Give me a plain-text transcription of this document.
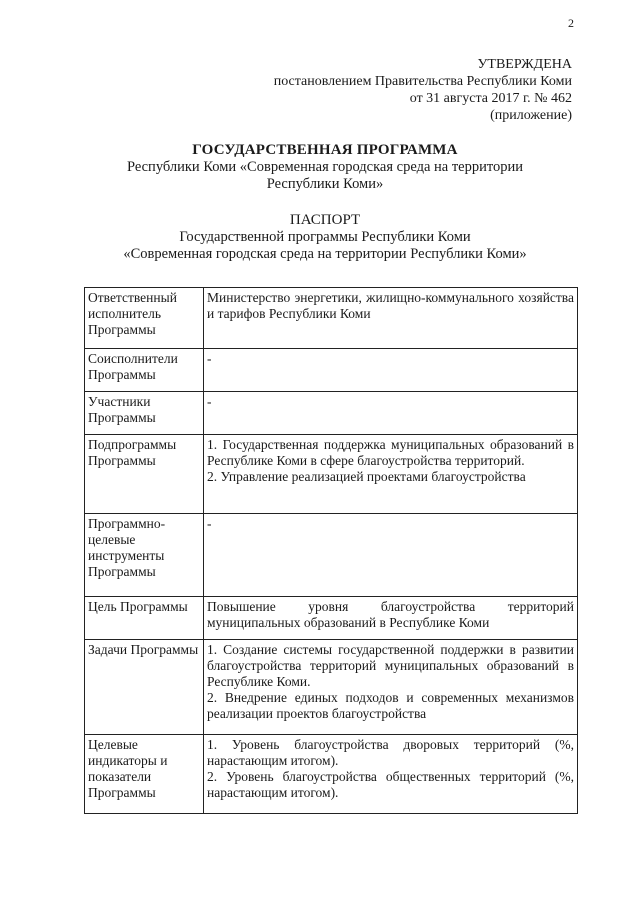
2
УТВЕРЖДЕНА
постановлением Правительства Республики Коми
от 31 августа 2017 г. № 462
(приложение)
ГОСУДАРСТВЕННАЯ ПРОГРАММА
Республики Коми «Современная городская среда на территории
Республики Коми»
ПАСПОРТ
Государственной программы Республики Коми
«Современная городская среда на территории Республики Коми»
Ответственный исполнитель Программы	Министерство энергетики, жилищно-коммунального хозяйства и тарифов Республики Коми

Соисполнители Программы	-

Участники Программы	-

Подпрограммы Программы	1. Государственная поддержка муниципальных образований в Республике Коми в сфере благоустройства территорий.
2. Управление реализацией проектами благоустройства

Программно-целевые инструменты Программы	-

Цель Программы	Повышение уровня благоустройства территорий муниципальных образований в Республике Коми

Задачи Программы	1. Создание системы государственной поддержки в развитии благоустройства территорий муниципальных образований в Республике Коми.
2. Внедрение единых подходов и современных механизмов реализации проектов благоустройства

Целевые индикаторы и показатели Программы	1. Уровень благоустройства дворовых территорий (%, нарастающим итогом).
2. Уровень благоустройства общественных территорий (%, нарастающим итогом).
